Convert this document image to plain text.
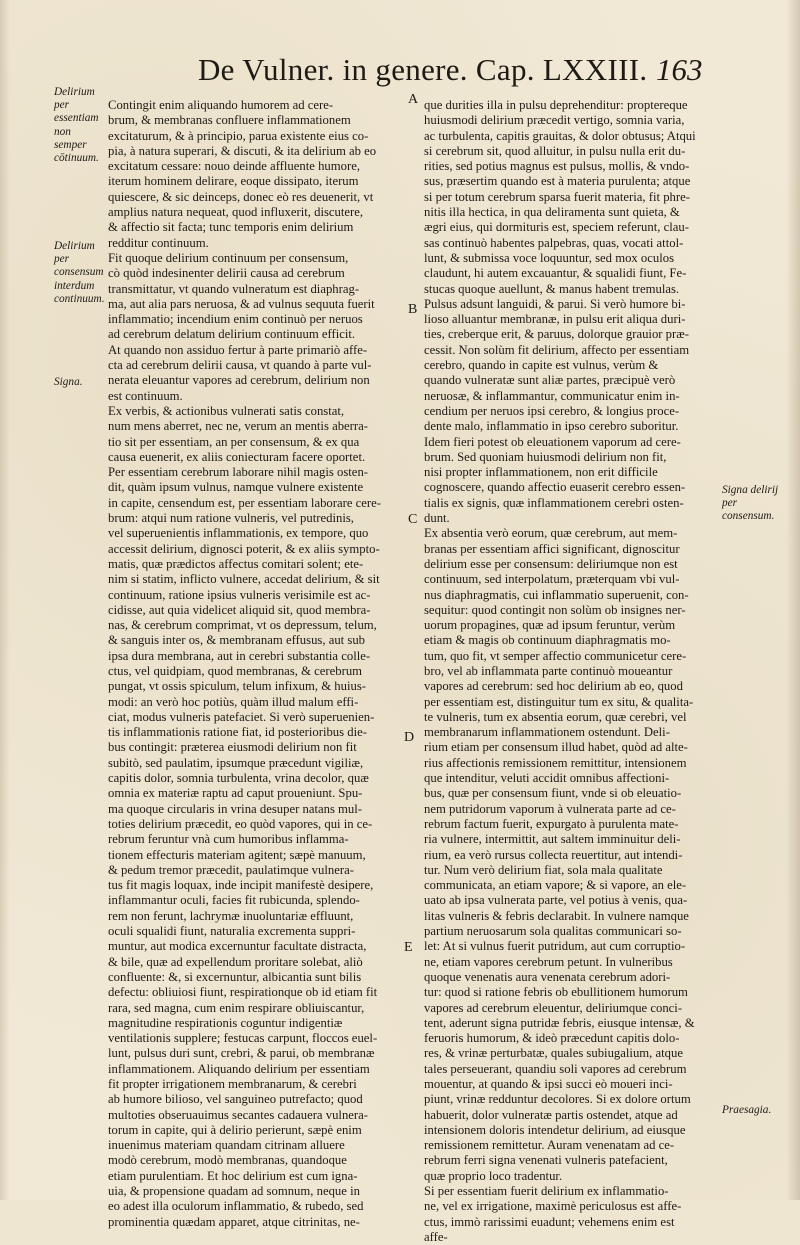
De Vulner. in genere. Cap. LXXIII. 163
Delirium per essentiam non semper cōtinuum.
Delirium per consensum interdum continuum.
Signa.
Signa delirij per consensum.
Praesagia.
A
B
C
D
E
Contingit enim aliquando humorem ad cere-
brum, & membranas confluere inflammationem
excitaturum, & à principio, parua existente eius co-
pia, à natura superari, & discuti, & ita delirium ab eo
excitatum cessare: nouo deinde affluente humore,
iterum hominem delirare, eoque dissipato, iterum
quiescere, & sic deinceps, donec eò res deuenerit, vt
amplius natura nequeat, quod influxerit, discutere,
& affectio sit facta; tunc temporis enim delirium
redditur continuum.
Fit quoque delirium continuum per consensum,
cò quòd indesinenter delirii causa ad cerebrum
transmittatur, vt quando vulneratum est diaphrag-
ma, aut alia pars neruosa, & ad vulnus sequuta fuerit
inflammatio; incendium enim continuò per neruos
ad cerebrum delatum delirium continuum efficit.
At quando non assiduo fertur à parte primariò affe-
cta ad cerebrum delirii causa, vt quando à parte vul-
nerata eleuantur vapores ad cerebrum, delirium non
est continuum.
Ex verbis, & actionibus vulnerati satis constat,
num mens aberret, nec ne, verum an mentis aberra-
tio sit per essentiam, an per consensum, & ex qua
causa euenerit, ex aliis coniecturam facere oportet.
Per essentiam cerebrum laborare nihil magis osten-
dit, quàm ipsum vulnus, namque vulnere existente
in capite, censendum est, per essentiam laborare cere-
brum: atqui num ratione vulneris, vel putredinis,
vel superuenientis inflammationis, ex tempore, quo
accessit delirium, dignosci poterit, & ex aliis sympto-
matis, quæ prædictos affectus comitari solent; ete-
nim si statim, inflicto vulnere, accedat delirium, & sit
continuum, ratione ipsius vulneris verisimile est ac-
cidisse, aut quia videlicet aliquid sit, quod membra-
nas, & cerebrum comprimat, vt os depressum, telum,
& sanguis inter os, & membranam effusus, aut sub
ipsa dura membrana, aut in cerebri substantia colle-
ctus, vel quidpiam, quod membranas, & cerebrum
pungat, vt ossis spiculum, telum infixum, & huius-
modi: an verò hoc potiùs, quàm illud malum effi-
ciat, modus vulneris patefaciet. Si verò superuenien-
tis inflammationis ratione fiat, id posterioribus die-
bus contingit: præterea eiusmodi delirium non fit
subitò, sed paulatim, ipsumque præcedunt vigiliæ,
capitis dolor, somnia turbulenta, vrina decolor, quæ
omnia ex materiæ raptu ad caput proueniunt. Spu-
ma quoque circularis in vrina desuper natans mul-
toties delirium præcedit, eo quòd vapores, qui in ce-
rebrum feruntur vnà cum humoribus inflamma-
tionem effecturis materiam agitent; sæpè manuum,
& pedum tremor præcedit, paulatimque vulnera-
tus fit magis loquax, inde incipit manifestè desipere,
inflammantur oculi, facies fit rubicunda, splendo-
rem non ferunt, lachrymæ inuoluntariæ effluunt,
oculi squalidi fiunt, naturalia excrementa suppri-
muntur, aut modica excernuntur facultate distracta,
& bile, quæ ad expellendum proritare solebat, aliò
confluente: &, si excernuntur, albicantia sunt bilis
defectu: obliuiosi fiunt, respirationque ob id etiam fit
rara, sed magna, cum enim respirare obliuiscantur,
magnitudine respirationis coguntur indigentiæ
ventilationis supplere; festucas carpunt, floccos euel-
lunt, pulsus duri sunt, crebri, & parui, ob membranæ
inflammationem. Aliquando delirium per essentiam
fit propter irrigationem membranarum, & cerebri
ab humore bilioso, vel sanguineo putrefacto; quod
multoties obseruauimus secantes cadauera vulnera-
torum in capite, qui à delirio perierunt, sæpè enim
inuenimus materiam quandam citrinam alluere
modò cerebrum, modò membranas, quandoque
etiam purulentiam. Et hoc delirium est cum igna-
uia, & propensione quadam ad somnum, neque in
eo adest illa oculorum inflammatio, & rubedo, sed
prominentia quædam apparet, atque citrinitas, ne-
que durities illa in pulsu deprehenditur: proptereque
huiusmodi delirium præcedit vertigo, somnia varia,
ac turbulenta, capitis grauitas, & dolor obtusus; Atqui
si cerebrum sit, quod alluitur, in pulsu nulla erit du-
rities, sed potius magnus est pulsus, mollis, & vndo-
sus, præsertim quando est à materia purulenta; atque
si per totum cerebrum sparsa fuerit materia, fit phre-
nitis illa hectica, in qua deliramenta sunt quieta, &
ægri eius, qui dormituris est, speciem referunt, clau-
sas continuò habentes palpebras, quas, vocati attol-
lunt, & submissa voce loquuntur, sed mox oculos
claudunt, hi autem excauantur, & squalidi fiunt, Fe-
stucas quoque auellunt, & manus habent tremulas.
Pulsus adsunt languidi, & parui. Si verò humore bi-
lioso alluantur membranæ, in pulsu erit aliqua duri-
ties, creberque erit, & paruus, dolorque grauior præ-
cessit. Non solùm fit delirium, affecto per essentiam
cerebro, quando in capite est vulnus, verùm &
quando vulneratæ sunt aliæ partes, præcipuè verò
neruosæ, & inflammantur, communicatur enim in-
cendium per neruos ipsi cerebro, & longius proce-
dente malo, inflammatio in ipso cerebro suboritur.
Idem fieri potest ob eleuationem vaporum ad cere-
brum. Sed quoniam huiusmodi delirium non fit,
nisi propter inflammationem, non erit difficile
cognoscere, quando affectio euaserit cerebro essen-
tialis ex signis, quæ inflammationem cerebri osten-
dunt.
Ex absentia verò eorum, quæ cerebrum, aut mem-
branas per essentiam affici significant, dignoscitur
delirium esse per consensum: deliriumque non est
continuum, sed interpolatum, præterquam vbi vul-
nus diaphragmatis, cui inflammatio superuenit, con-
sequitur: quod contingit non solùm ob insignes ner-
uorum propagines, quæ ad ipsum feruntur, verùm
etiam & magis ob continuum diaphragmatis mo-
tum, quo fit, vt semper affectio communicetur cere-
bro, vel ab inflammata parte continuò moueantur
vapores ad cerebrum: sed hoc delirium ab eo, quod
per essentiam est, distinguitur tum ex situ, & qualita-
te vulneris, tum ex absentia eorum, quæ cerebri, vel
membranarum inflammationem ostendunt. Deli-
rium etiam per consensum illud habet, quòd ad alte-
rius affectionis remissionem remittitur, intensionem
que intenditur, veluti accidit omnibus affectioni-
bus, quæ per consensum fiunt, vnde si ob eleuatio-
nem putridorum vaporum à vulnerata parte ad ce-
rebrum factum fuerit, expurgato à purulenta mate-
ria vulnere, intermittit, aut saltem imminuitur deli-
rium, ea verò rursus collecta reuertitur, aut intendi-
tur. Num verò delirium fiat, sola mala qualitate
communicata, an etiam vapore; & si vapore, an ele-
uato ab ipsa vulnerata parte, vel potius à venis, qua-
litas vulneris & febris declarabit. In vulnere namque
partium neruosarum sola qualitas communicari so-
let: At si vulnus fuerit putridum, aut cum corruptio-
ne, etiam vapores cerebrum petunt. In vulneribus
quoque venenatis aura venenata cerebrum adori-
tur: quod si ratione febris ob ebullitionem humorum
vapores ad cerebrum eleuentur, deliriumque conci-
tent, aderunt signa putridæ febris, eiusque intensæ, &
feruoris humorum, & ideò præcedunt capitis dolo-
res, & vrinæ perturbatæ, quales subiugalium, atque
tales perseuerant, quandiu soli vapores ad cerebrum
mouentur, at quando & ipsi succi eò moueri inci-
piunt, vrinæ redduntur decolores. Si ex dolore ortum
habuerit, dolor vulneratæ partis ostendet, atque ad
intensionem doloris intendetur delirium, ad eiusque
remissionem remittetur. Auram venenatam ad ce-
rebrum ferri signa venenati vulneris patefacient,
quæ proprio loco tradentur.
Si per essentiam fuerit delirium ex inflammatio-
ne, vel ex irrigatione, maximè periculosus est affe-
ctus, immò rarissimi euadunt; vehemens enim est
affe-
